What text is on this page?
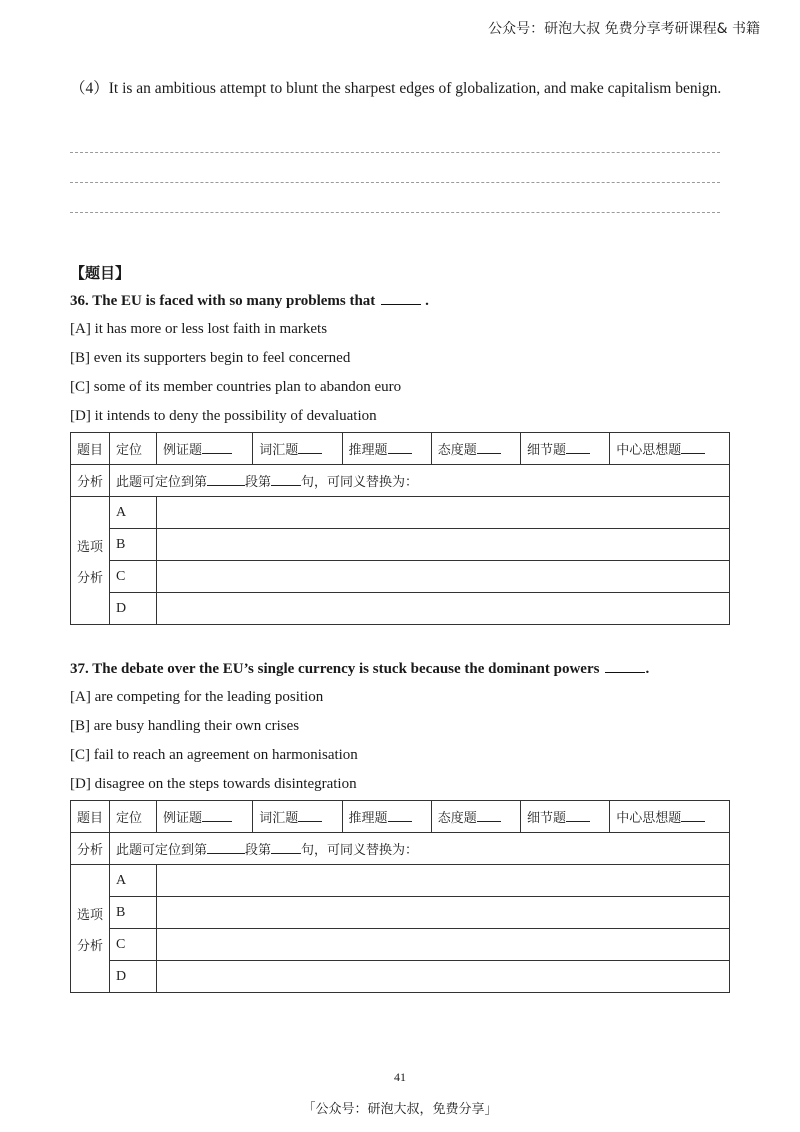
公众号：研泡大叔 免费分享考研课程& 书籍
（4）It is an ambitious attempt to blunt the sharpest edges of globalization, and make capitalism benign.
【题目】
36. The EU is faced with so many problems that	.
[A] it has more or less lost faith in markets
[B] even its supporters begin to feel concerned
[C] some of its member countries plan to abandon euro
[D] it intends to deny the possibility of devaluation
题目	定位	例证题	词汇题	推理题	态度题	细节题	中心思想题
分析	此题可定位到第 段第 句，可同义替换为：						

选项
分析	A						
	B						
	C						
	D						
37. The debate over the EU’s single currency is stuck because the dominant powers	.
[A] are competing for the leading position
[B] are busy handling their own crises
[C] fail to reach an agreement on harmonisation
[D] disagree on the steps towards disintegration
题目	定位	例证题	词汇题	推理题	态度题	细节题	中心思想题
分析	此题可定位到第 段第 句，可同义替换为：						

选项
分析	A						
	B						
	C						
	D						
41
「公众号：研泡大叔，免费分享」
